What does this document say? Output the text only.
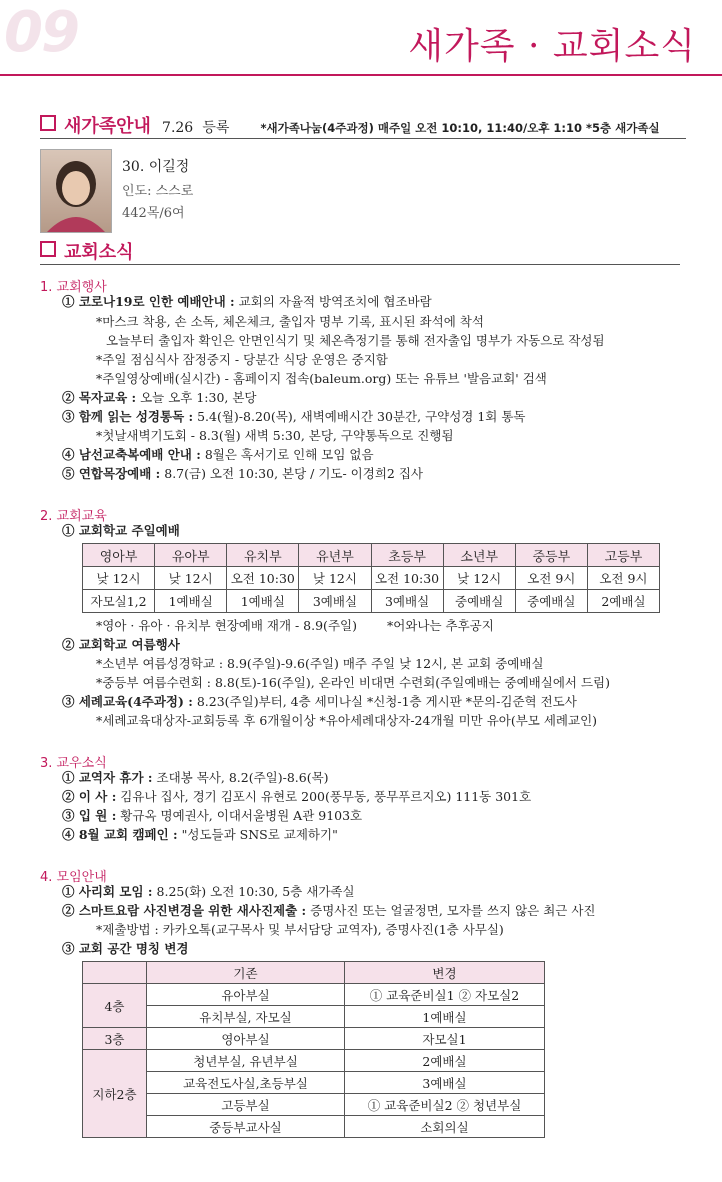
09	새가족 · 교회소식
새가족안내 7.26 등록	*새가족나눔(4주과정) 매주일 오전 10:10, 11:40/오후 1:10 *5층 새가족실
30. 이길정
인도: 스스로
442목/6여
교회소식
1. 교회행사
① 코로나19로 인한 예배안내 : 교회의 자율적 방역조치에 협조바람
*마스크 착용, 손 소독, 체온체크, 출입자 명부 기록, 표시된 좌석에 착석
오늘부터 출입자 확인은 안면인식기 및 체온측정기를 통해 전자출입 명부가 자동으로 작성됨
*주일 점심식사 잠정중지 - 당분간 식당 운영은 중지함
*주일영상예배(실시간) - 홈페이지 접속(baleum.org) 또는 유튜브 '발음교회' 검색
② 목자교육 : 오늘 오후 1:30, 본당
③ 함께 읽는 성경통독 : 5.4(월)-8.20(목), 새벽예배시간 30분간, 구약성경 1회 통독
*첫날새벽기도회 - 8.3(월) 새벽 5:30, 본당, 구약통독으로 진행됨
④ 남선교축복예배 안내 : 8월은 혹서기로 인해 모임 없음
⑤ 연합목장예배 : 8.7(금) 오전 10:30, 본당 / 기도- 이경희2 집사
2. 교회교육
① 교회학교 주일예배
영아부	유아부	유치부	유년부	초등부	소년부	중등부	고등부
낮 12시	낮 12시	오전 10:30	낮 12시	오전 10:30	낮 12시	오전 9시	오전 9시
자모실1,2	1예배실	1예배실	3예배실	3예배실	중예배실	중예배실	2예배실
*영아 · 유아 · 유치부 현장예배 재개 - 8.9(주일) *어와나는 추후공지
② 교회학교 여름행사
*소년부 여름성경학교 : 8.9(주일)-9.6(주일) 매주 주일 낮 12시, 본 교회 중예배실
*중등부 여름수련회 : 8.8(토)-16(주일), 온라인 비대면 수련회(주일예배는 중예배실에서 드림)
③ 세례교육(4주과정) : 8.23(주일)부터, 4층 세미나실 *신청-1층 게시판 *문의-김준혁 전도사
*세례교육대상자-교회등록 후 6개월이상 *유아세례대상자-24개월 미만 유아(부모 세례교인)
3. 교우소식
① 교역자 휴가 : 조대봉 목사, 8.2(주일)-8.6(목)
② 이 사 : 김유나 집사, 경기 김포시 유현로 200(풍무동, 풍무푸르지오) 111동 301호
③ 입 원 : 황규옥 명예권사, 이대서울병원 A관 9103호
④ 8월 교회 캠페인 : "성도들과 SNS로 교제하기"
4. 모임안내
① 사리회 모임 : 8.25(화) 오전 10:30, 5층 새가족실
② 스마트요람 사진변경을 위한 새사진제출 : 증명사진 또는 얼굴정면, 모자를 쓰지 않은 최근 사진
*제출방법 : 카카오톡(교구목사 및 부서담당 교역자), 증명사진(1층 사무실)
③ 교회 공간 명칭 변경
	기존	변경
4층	유아부실	① 교육준비실1 ② 자모실2
	유치부실, 자모실	1예배실
3층	영아부실	자모실1
지하2층	청년부실, 유년부실	2예배실
	교육전도사실,초등부실	3예배실
	고등부실	① 교육준비실2 ② 청년부실
	중등부교사실	소회의실
